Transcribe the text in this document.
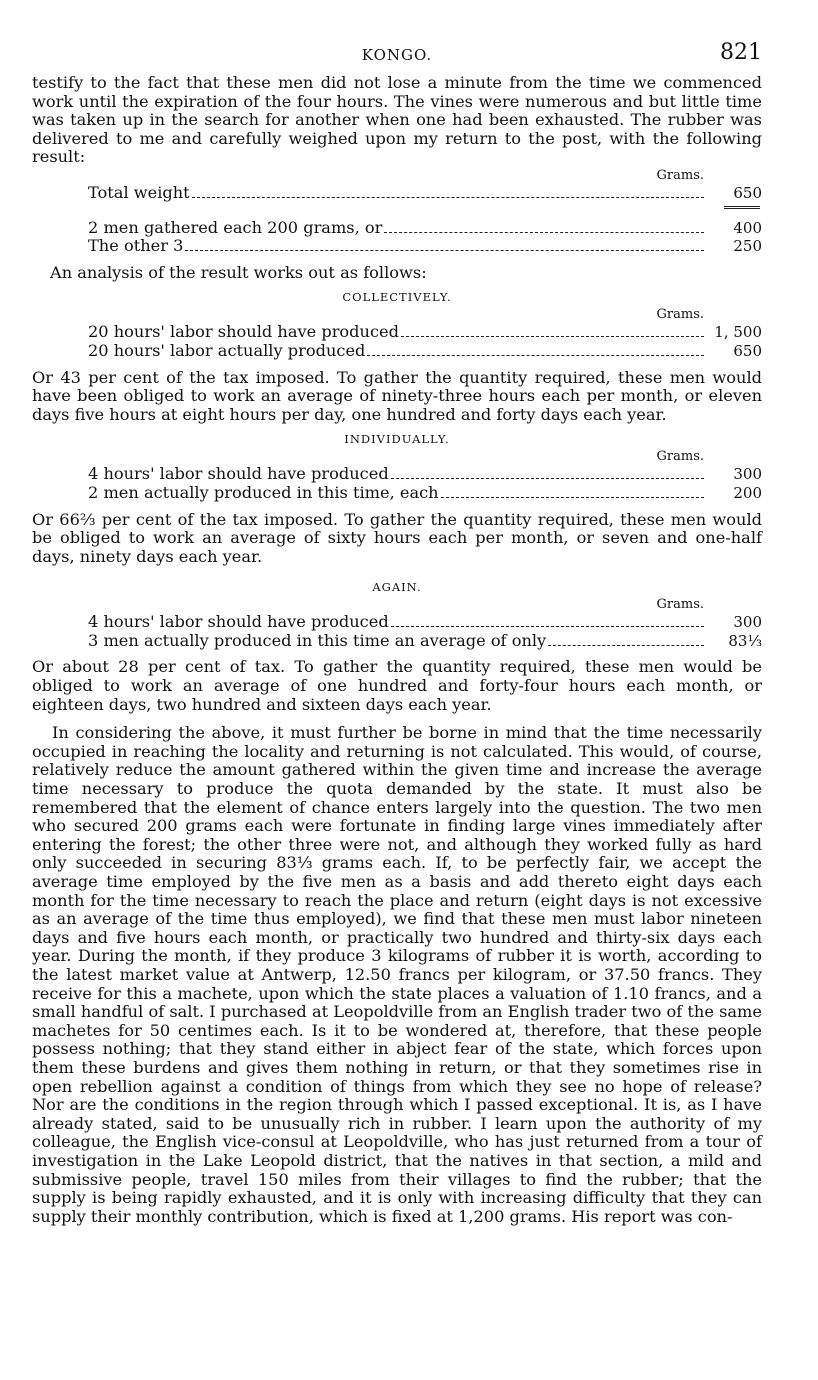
KONGO.	821

testify to the fact that these men did not lose a minute from the time we commenced work until the expiration of the four hours. The vines were numerous and but little time was taken up in the search for another when one had been exhausted. The rubber was delivered to me and carefully weighed upon my return to the post, with the following result:

Grams.
Total weight	650
2 men gathered each 200 grams, or	400
The other 3	250

An analysis of the result works out as follows:

COLLECTIVELY.
Grams.
20 hours' labor should have produced	1, 500
20 hours' labor actually produced	650

Or 43 per cent of the tax imposed. To gather the quantity required, these men would have been obliged to work an average of ninety-three hours each per month, or eleven days five hours at eight hours per day, one hundred and forty days each year.

INDIVIDUALLY.
Grams.
4 hours' labor should have produced	300
2 men actually produced in this time, each	200

Or 66⅔ per cent of the tax imposed. To gather the quantity required, these men would be obliged to work an average of sixty hours each per month, or seven and one-half days, ninety days each year.

AGAIN.
Grams.
4 hours' labor should have produced	300
3 men actually produced in this time an average of only	83⅓

Or about 28 per cent of tax. To gather the quantity required, these men would be obliged to work an average of one hundred and forty-four hours each month, or eighteen days, two hundred and sixteen days each year.

In considering the above, it must further be borne in mind that the time necessarily occupied in reaching the locality and returning is not calculated. This would, of course, relatively reduce the amount gathered within the given time and increase the average time necessary to produce the quota demanded by the state. It must also be remembered that the element of chance enters largely into the question. The two men who secured 200 grams each were fortunate in finding large vines immediately after entering the forest; the other three were not, and although they worked fully as hard only succeeded in securing 83⅓ grams each. If, to be perfectly fair, we accept the average time employed by the five men as a basis and add thereto eight days each month for the time necessary to reach the place and return (eight days is not excessive as an average of the time thus employed), we find that these men must labor nineteen days and five hours each month, or practically two hundred and thirty-six days each year. During the month, if they produce 3 kilograms of rubber it is worth, according to the latest market value at Antwerp, 12.50 francs per kilogram, or 37.50 francs. They receive for this a machete, upon which the state places a valuation of 1.10 francs, and a small handful of salt. I purchased at Leopoldville from an English trader two of the same machetes for 50 centimes each. Is it to be wondered at, therefore, that these people possess nothing; that they stand either in abject fear of the state, which forces upon them these burdens and gives them nothing in return, or that they sometimes rise in open rebellion against a condition of things from which they see no hope of release? Nor are the conditions in the region through which I passed exceptional. It is, as I have already stated, said to be unusually rich in rubber. I learn upon the authority of my colleague, the English vice-consul at Leopoldville, who has just returned from a tour of investigation in the Lake Leopold district, that the natives in that section, a mild and submissive people, travel 150 miles from their villages to find the rubber; that the supply is being rapidly exhausted, and it is only with increasing difficulty that they can supply their monthly contribution, which is fixed at 1,200 grams. His report was con-
